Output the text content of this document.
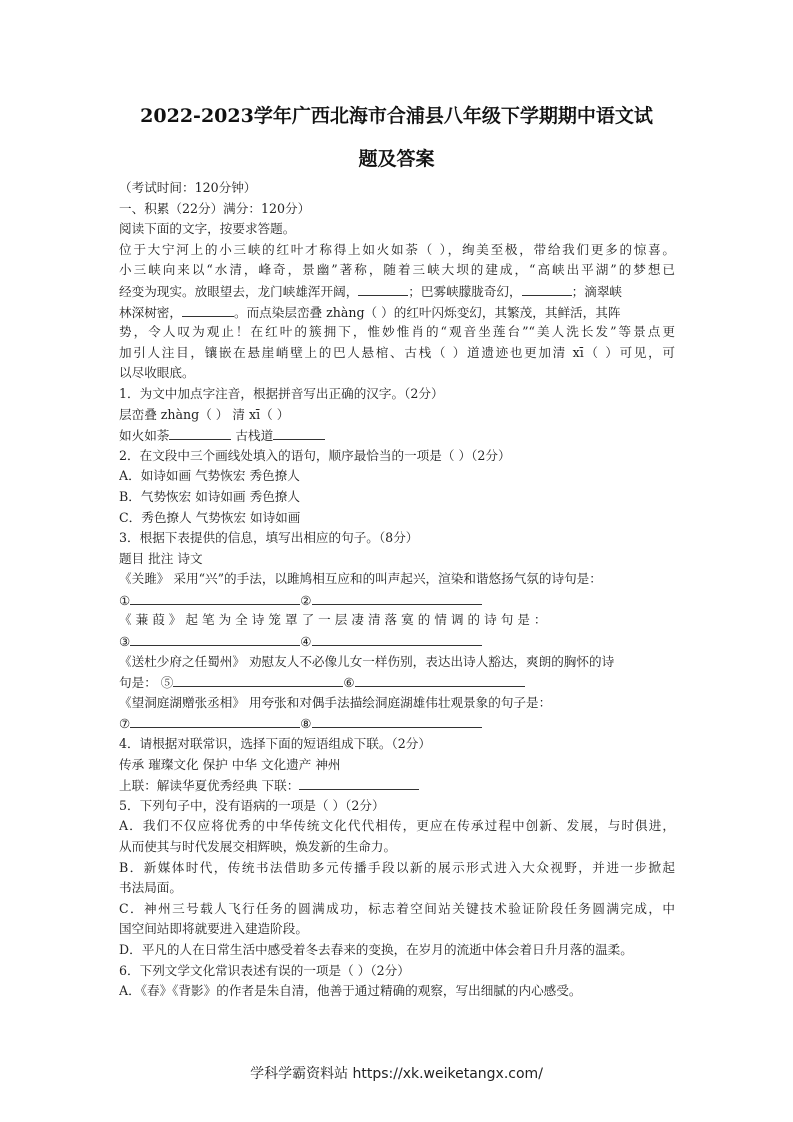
2022-2023学年广西北海市合浦县八年级下学期期中语文试
题及答案
（考试时间：120分钟）
一、积累（22分）满分：120分）
阅读下面的文字，按要求答题。
位于大宁河上的小三峡的红叶才称得上如火如荼（ ），绚美至极，带给我们更多的惊喜。
小三峡向来以“水清，峰奇，景幽”著称，随着三峡大坝的建成，“高峡出平湖”的梦想已
经变为现实。放眼望去，龙门峡雄浑开阔，	；巴雾峡朦胧奇幻，	；滴翠峡
林深树密，	。而点染层峦叠 zhàng（ ）的红叶闪烁变幻，其繁茂，其鲜活，其阵
势，令人叹为观止！在红叶的簇拥下，惟妙惟肖的“观音坐莲台”“美人洗长发”等景点更
加引人注目，镶嵌在悬崖峭壁上的巴人悬棺、古栈（ ）道遗迹也更加清 xī（ ）可见，可
以尽收眼底。
1．为文中加点字注音，根据拼音写出正确的汉字。（2分）
层峦叠 zhàng（ ） 清 xī（ ）
如火如荼	古栈道
2．在文段中三个画线处填入的语句，顺序最恰当的一项是（ ）（2分）
A．如诗如画 气势恢宏 秀色撩人
B．气势恢宏 如诗如画 秀色撩人
C．秀色撩人 气势恢宏 如诗如画
3．根据下表提供的信息，填写出相应的句子。（8分）
题目 批注 诗文
《关雎》 采用“兴”的手法，以雎鸠相互应和的叫声起兴，渲染和谐悠扬气氛的诗句是：
①	②
《 蒹 葭 》 起 笔 为 全 诗 笼 罩 了 一 层 凄 清 落 寞 的 情 调 的 诗 句 是 ：
③	④
《送杜少府之任蜀州》 劝慰友人不必像儿女一样伤别，表达出诗人豁达，爽朗的胸怀的诗
句是： ⑤	⑥
《望洞庭湖赠张丞相》 用夸张和对偶手法描绘洞庭湖雄伟壮观景象的句子是：
⑦	⑧
4．请根据对联常识，选择下面的短语组成下联。（2分）
传承 璀璨文化 保护 中华 文化遗产 神州
上联：解读华夏优秀经典 下联：
5．下列句子中，没有语病的一项是（ ）（2分）
A．我们不仅应将优秀的中华传统文化代代相传，更应在传承过程中创新、发展，与时俱进，
从而使其与时代发展交相辉映，焕发新的生命力。
B．新媒体时代，传统书法借助多元传播手段以新的展示形式进入大众视野，并进一步掀起
书法局面。
C．神州三号载人飞行任务的圆满成功，标志着空间站关键技术验证阶段任务圆满完成，中
国空间站即将就要进入建造阶段。
D．平凡的人在日常生活中感受着冬去春来的变换，在岁月的流逝中体会着日升月落的温柔。
6．下列文学文化常识表述有误的一项是（ ）（2分）
A．《春》《背影》的作者是朱自清，他善于通过精确的观察，写出细腻的内心感受。
学科学霸资料站 https://xk.weiketangx.com/
